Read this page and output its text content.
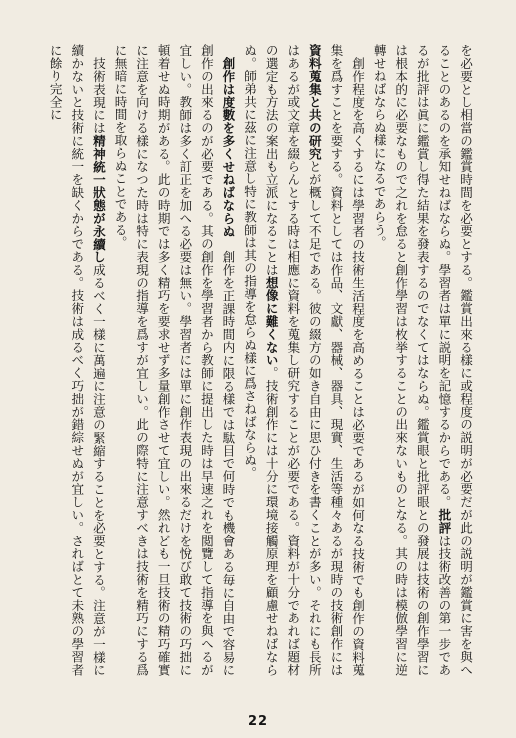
を必要とし相當の鑑賞時間を必要とする。鑑賞出來る樣に或程度の説明が必要だが此の説明が鑑賞に害を與へることのあるのを承知せねばならぬ。學習者は單に説明を記憶するからである。批評は技術改善の第一步であるが批評は眞に鑑賞し得た結果を發表するのでなくてはならぬ。鑑賞眼と批評眼との發展は技術の創作學習には根本的に必要なもので之れを怠ると創作學習は枚挙することの出來ないものとなる。其の時は模倣學習に逆轉せねばならぬ樣になるであらう。

創作程度を高くするには學習者の技術生活程度を高めることは必要であるが如何なる技術でも創作の資料蒐集を爲すことを要する。資料としては作品、文獻、器械、器具、現實、生活等種々あるが現時の技術創作には資料蒐集と共の研究とが概して不足である。彼の綴方の如き自由に思ひ付きを書くことが多い。それにも長所はあるが或文章を綴らんとする時は相應に資料を蒐集し研究することが必要である。資料が十分であれば題材の選定も方法の案出も立派になることは想像に難くない。技術創作には十分に環境接觸原理を顧慮せねばならぬ。師弟共に茲に注意し特に教師は其の指導を怠らぬ樣に爲さねばならぬ。

創作は度數を多くせねばならぬ　創作を正課時間内に限る樣では駄目で何時でも機會ある毎に自由で容易に創作の出來るのが必要である。其の創作を學習者から教師に提出した時は早速之れを閲覽して指導を與へるが宜しい。教師は多く訂正を加へる必要は無い。學習者には單に創作表現の出來るだけを悅び敢て技術の巧拙に頓着せぬ時期がある。此の時期では多く精巧を要求せず多量創作させて宜しい。然れども一旦技術の精巧確實に注意を向ける樣になつた時は特に表現の指導を爲すが宜しい。此の際特に注意すべきは技術を精巧にする爲に無暗に時間を取らぬことである。

技術表現には精神統一狀態が永續し成るべく一樣に萬遍に注意の緊縮することを必要とする。注意が一樣に續かないと技術に統一を缺くからである。技術は成るべく巧拙が錯綜せぬが宜しい。さればとて未熟の學習者に餘り完全に

22
